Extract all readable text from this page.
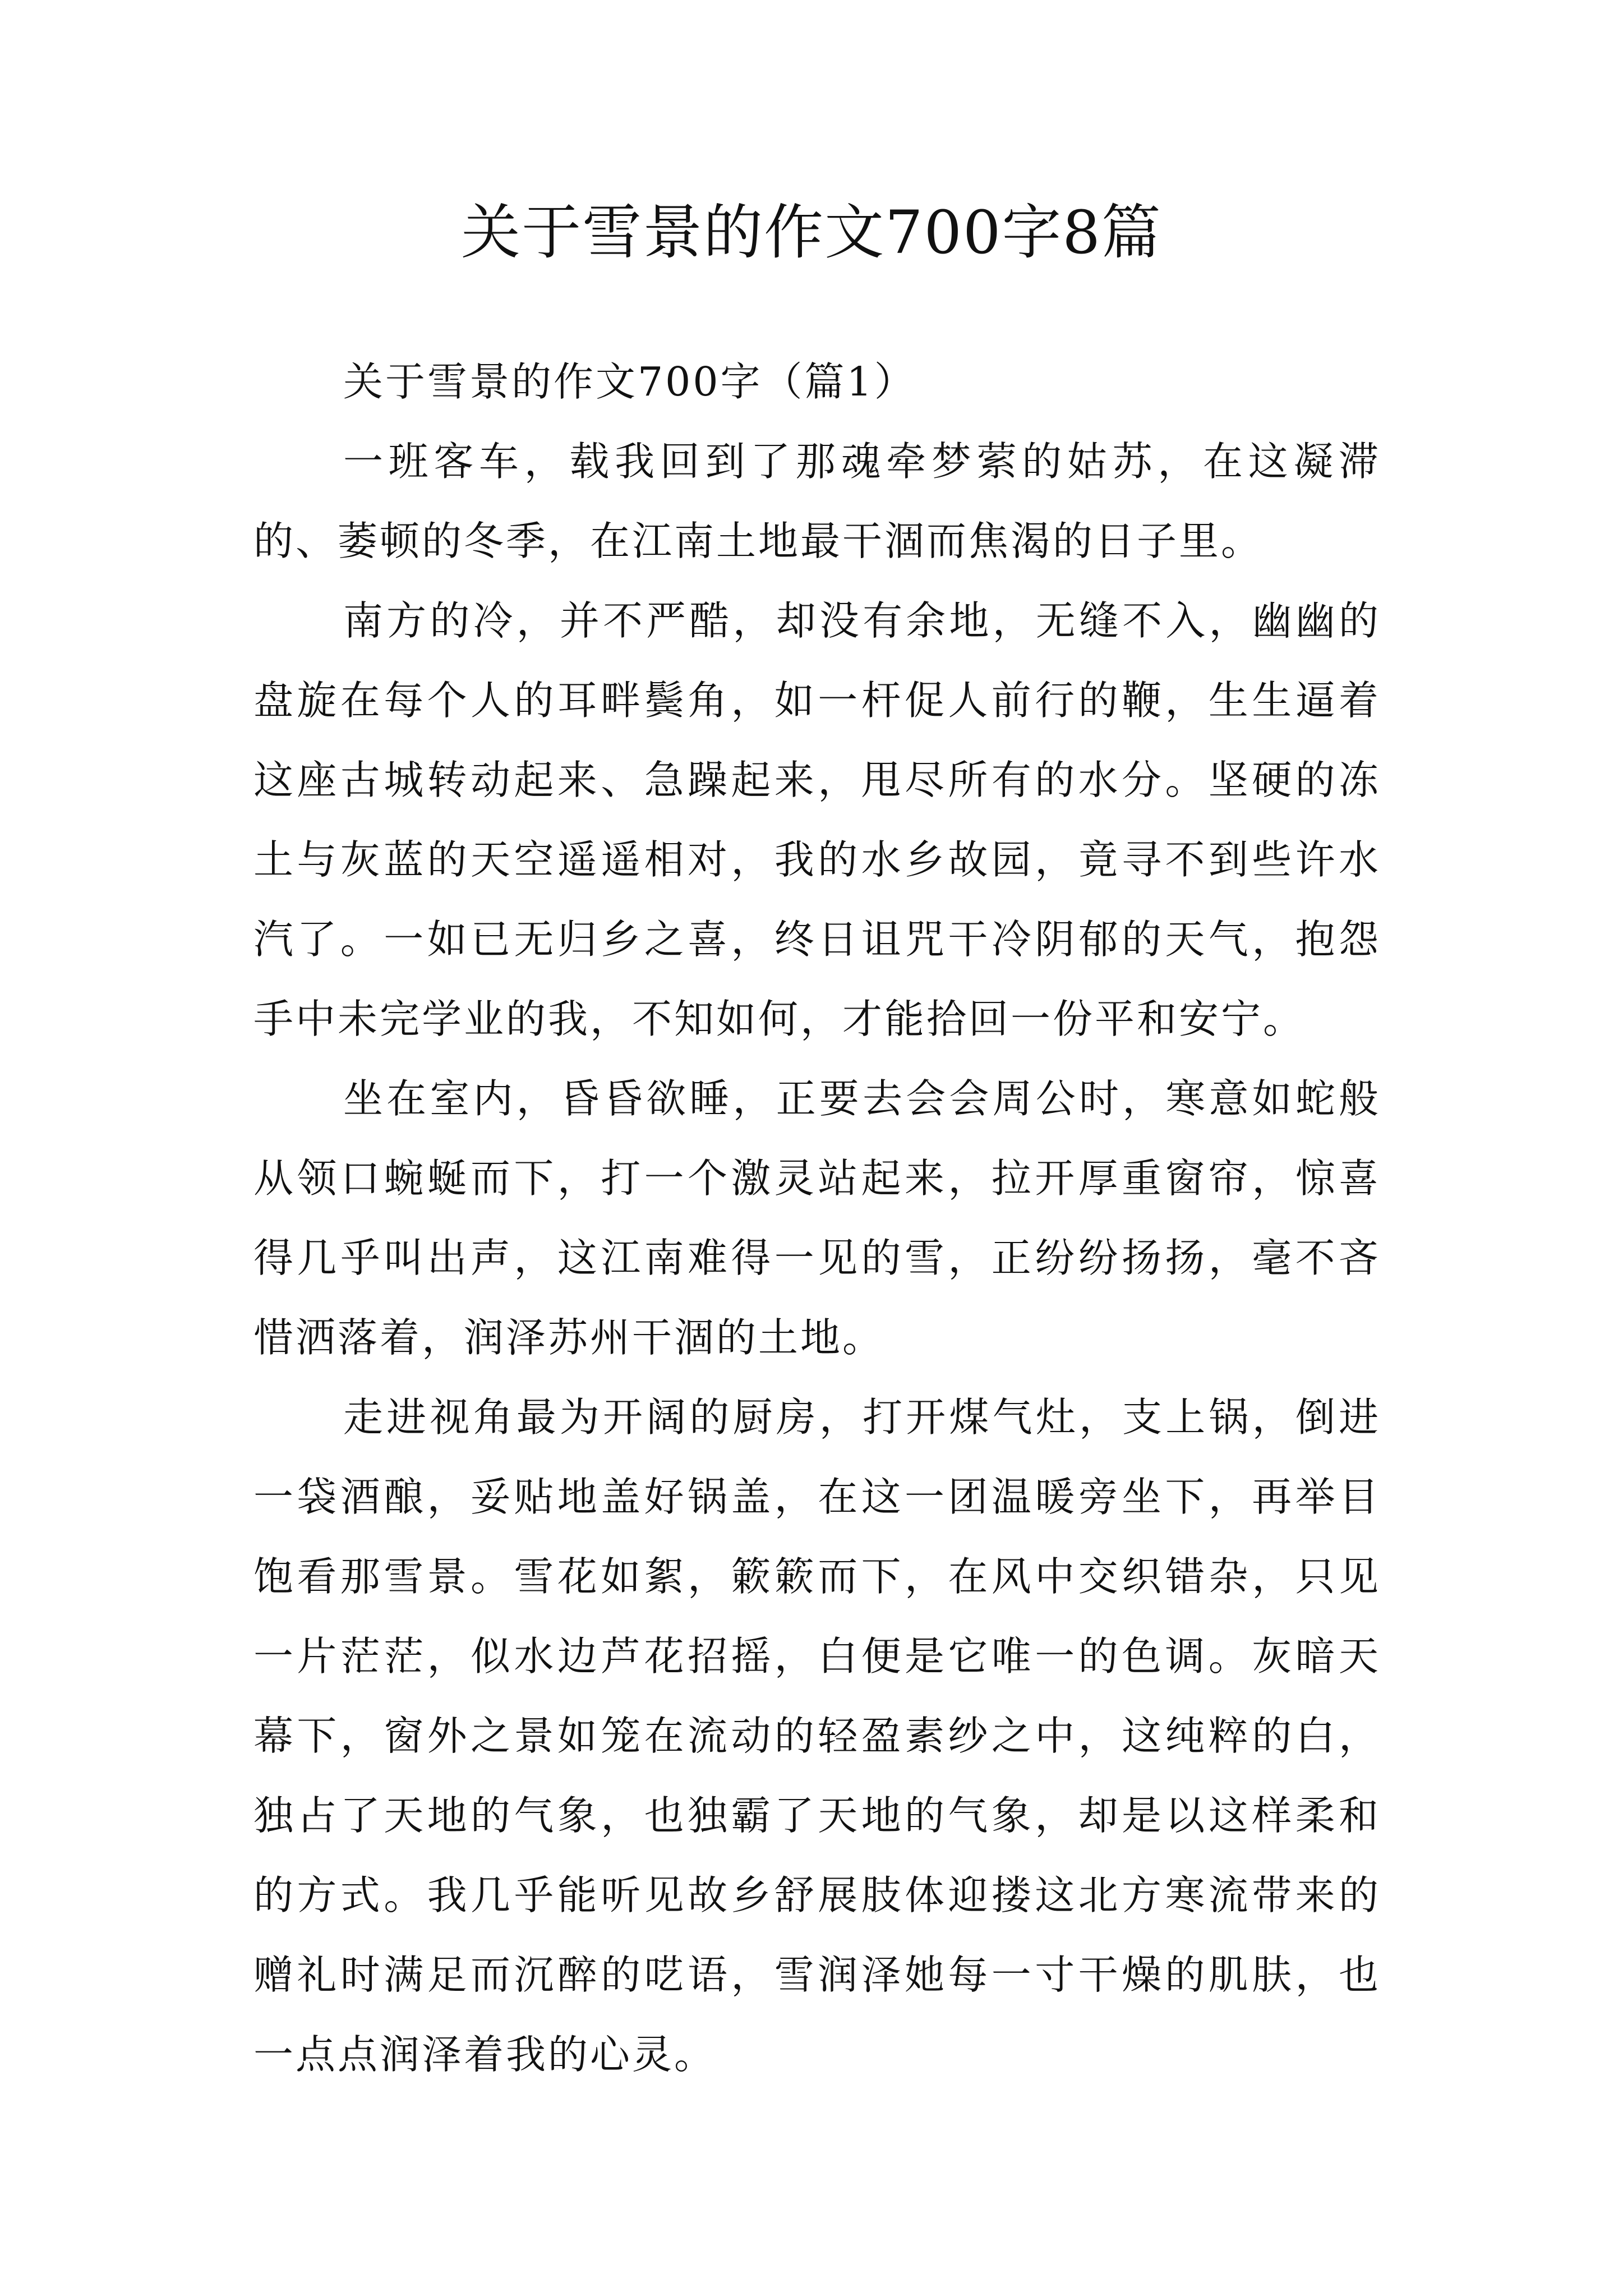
关于雪景的作文700字8篇

关于雪景的作文700字（篇1）

一班客车，载我回到了那魂牵梦萦的姑苏，在这凝滞的、萎顿的冬季，在江南土地最干涸而焦渴的日子里。

南方的冷，并不严酷，却没有余地，无缝不入，幽幽的盘旋在每个人的耳畔鬓角，如一杆促人前行的鞭，生生逼着这座古城转动起来、急躁起来，甩尽所有的水分。坚硬的冻土与灰蓝的天空遥遥相对，我的水乡故园，竟寻不到些许水汽了。一如已无归乡之喜，终日诅咒干冷阴郁的天气，抱怨手中未完学业的我，不知如何，才能拾回一份平和安宁。

坐在室内，昏昏欲睡，正要去会会周公时，寒意如蛇般从领口蜿蜒而下，打一个激灵站起来，拉开厚重窗帘，惊喜得几乎叫出声，这江南难得一见的雪，正纷纷扬扬，毫不吝惜洒落着，润泽苏州干涸的土地。

走进视角最为开阔的厨房，打开煤气灶，支上锅，倒进一袋酒酿，妥贴地盖好锅盖，在这一团温暖旁坐下，再举目饱看那雪景。雪花如絮，簌簌而下，在风中交织错杂，只见一片茫茫，似水边芦花招摇，白便是它唯一的色调。灰暗天幕下，窗外之景如笼在流动的轻盈素纱之中，这纯粹的白，独占了天地的气象，也独霸了天地的气象，却是以这样柔和的方式。我几乎能听见故乡舒展肢体迎搂这北方寒流带来的赠礼时满足而沉醉的呓语，雪润泽她每一寸干燥的肌肤，也一点点润泽着我的心灵。
